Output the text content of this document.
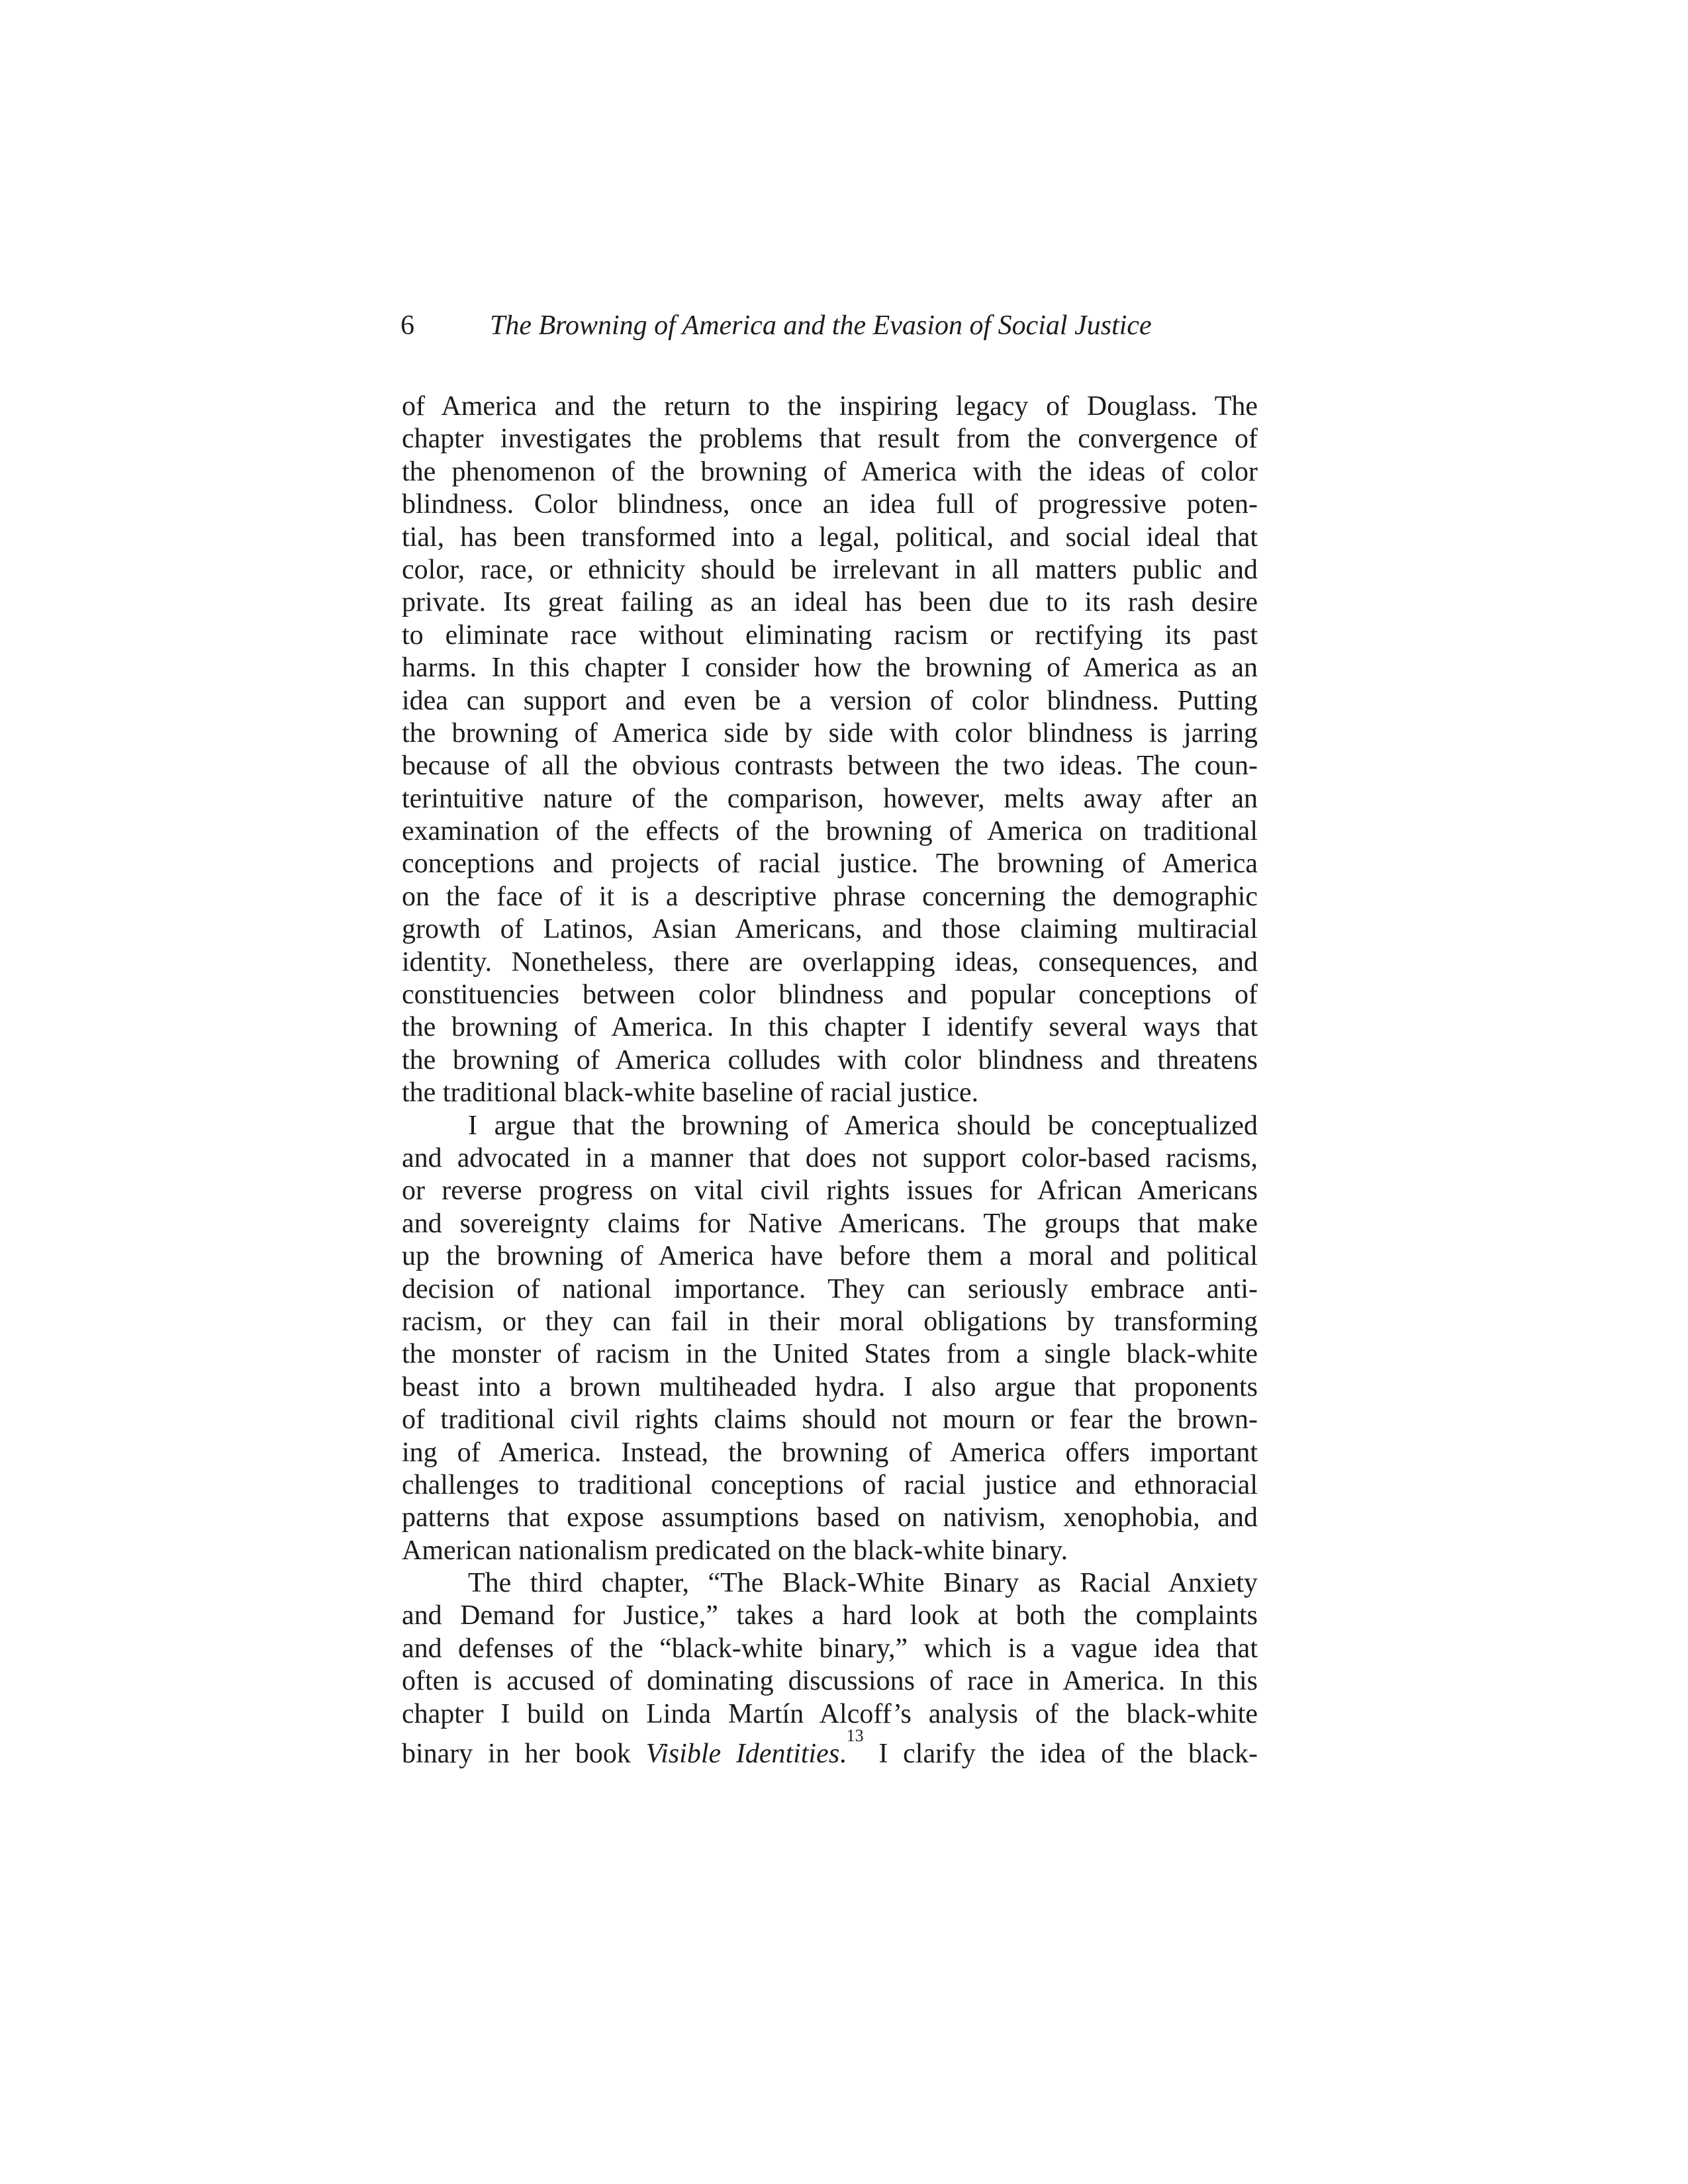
6	The Browning of America and the Evasion of Social Justice
of America and the return to the inspiring legacy of Douglass. The
chapter investigates the problems that result from the convergence of
the phenomenon of the browning of America with the ideas of color
blindness. Color blindness, once an idea full of progressive poten-
tial, has been transformed into a legal, political, and social ideal that
color, race, or ethnicity should be irrelevant in all matters public and
private. Its great failing as an ideal has been due to its rash desire
to eliminate race without eliminating racism or rectifying its past
harms. In this chapter I consider how the browning of America as an
idea can support and even be a version of color blindness. Putting
the browning of America side by side with color blindness is jarring
because of all the obvious contrasts between the two ideas. The coun-
terintuitive nature of the comparison, however, melts away after an
examination of the effects of the browning of America on traditional
conceptions and projects of racial justice. The browning of America
on the face of it is a descriptive phrase concerning the demographic
growth of Latinos, Asian Americans, and those claiming multiracial
identity. Nonetheless, there are overlapping ideas, consequences, and
constituencies between color blindness and popular conceptions of
the browning of America. In this chapter I identify several ways that
the browning of America colludes with color blindness and threatens
the traditional black-white baseline of racial justice.
I argue that the browning of America should be conceptualized
and advocated in a manner that does not support color-based racisms,
or reverse progress on vital civil rights issues for African Americans
and sovereignty claims for Native Americans. The groups that make
up the browning of America have before them a moral and political
decision of national importance. They can seriously embrace anti-
racism, or they can fail in their moral obligations by transforming
the monster of racism in the United States from a single black-white
beast into a brown multiheaded hydra. I also argue that proponents
of traditional civil rights claims should not mourn or fear the brown-
ing of America. Instead, the browning of America offers important
challenges to traditional conceptions of racial justice and ethnoracial
patterns that expose assumptions based on nativism, xenophobia, and
American nationalism predicated on the black-white binary.
The third chapter, “The Black-White Binary as Racial Anxiety
and Demand for Justice,” takes a hard look at both the complaints
and defenses of the “black-white binary,” which is a vague idea that
often is accused of dominating discussions of race in America. In this
chapter I build on Linda Martín Alcoff’s analysis of the black-white
binary in her book Visible Identities.$^{13}$ I clarify the idea of the black-
